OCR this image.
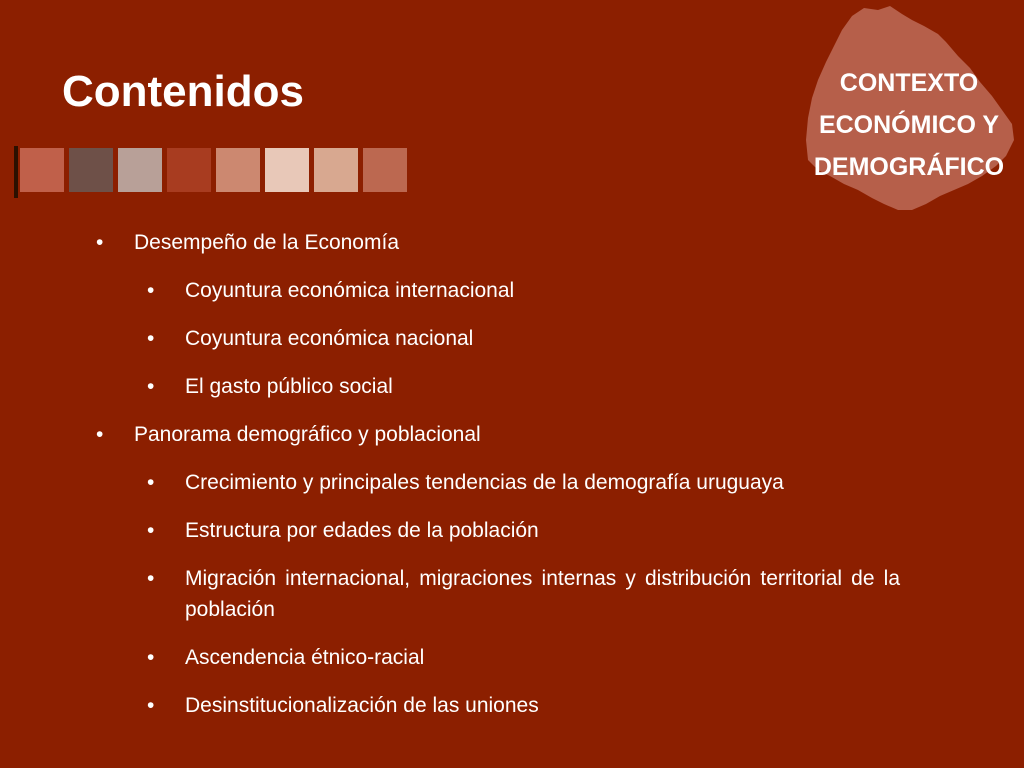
Contenidos	CONTEXTO
ECONÓMICO Y
DEMOGRÁFICO
• Desempeño de la Economía
• Coyuntura económica internacional
• Coyuntura económica nacional
• El gasto público social
• Panorama demográfico y poblacional
• Crecimiento y principales tendencias de la demografía uruguaya
• Estructura por edades de la población
• Migración internacional, migraciones internas y distribución territorial de la población
• Ascendencia étnico-racial
• Desinstitucionalización de las uniones
